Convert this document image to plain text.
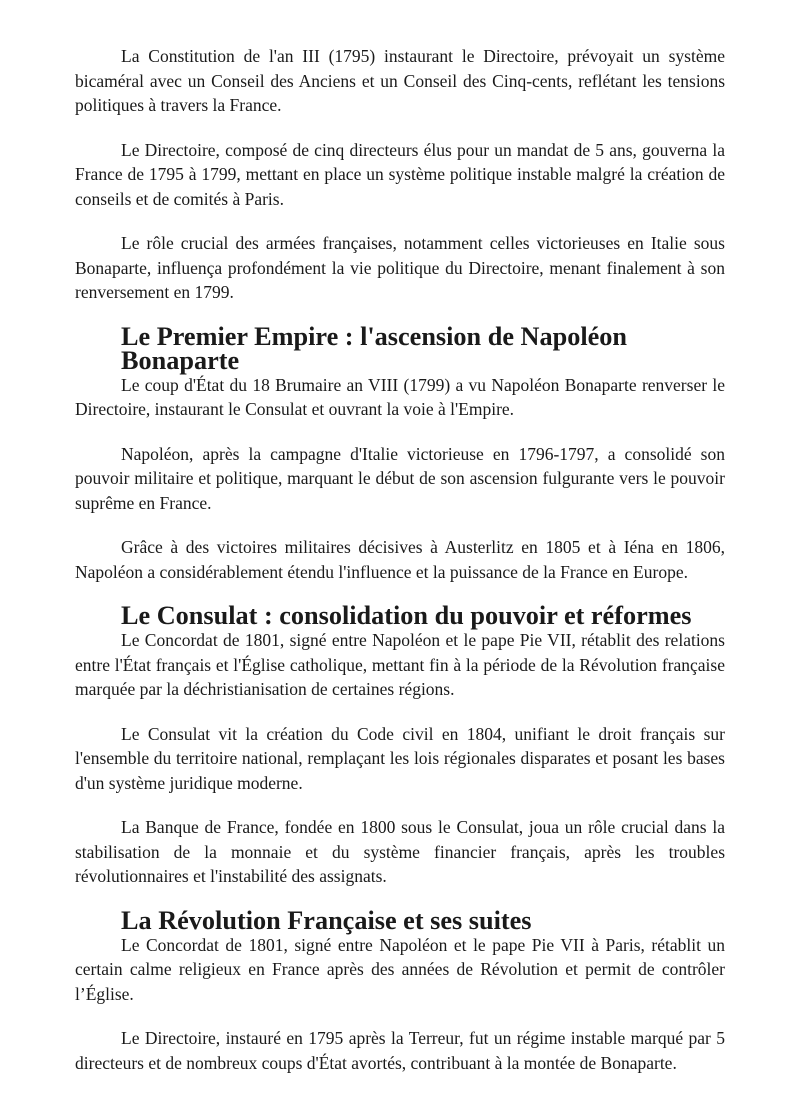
La Constitution de l'an III (1795) instaurant le Directoire, prévoyait un système bicaméral avec un Conseil des Anciens et un Conseil des Cinq-cents, reflétant les tensions politiques à travers la France.

Le Directoire, composé de cinq directeurs élus pour un mandat de 5 ans, gouverna la France de 1795 à 1799, mettant en place un système politique instable malgré la création de conseils et de comités à Paris.

Le rôle crucial des armées françaises, notamment celles victorieuses en Italie sous Bonaparte, influença profondément la vie politique du Directoire, menant finalement à son renversement en 1799.

Le Premier Empire : l'ascension de Napoléon Bonaparte

Le coup d'État du 18 Brumaire an VIII (1799) a vu Napoléon Bonaparte renverser le Directoire, instaurant le Consulat et ouvrant la voie à l'Empire.

Napoléon, après la campagne d'Italie victorieuse en 1796-1797, a consolidé son pouvoir militaire et politique, marquant le début de son ascension fulgurante vers le pouvoir suprême en France.

Grâce à des victoires militaires décisives à Austerlitz en 1805 et à Iéna en 1806, Napoléon a considérablement étendu l'influence et la puissance de la France en Europe.

Le Consulat : consolidation du pouvoir et réformes

Le Concordat de 1801, signé entre Napoléon et le pape Pie VII, rétablit des relations entre l'État français et l'Église catholique, mettant fin à la période de la Révolution française marquée par la déchristianisation de certaines régions.

Le Consulat vit la création du Code civil en 1804, unifiant le droit français sur l'ensemble du territoire national, remplaçant les lois régionales disparates et posant les bases d'un système juridique moderne.

La Banque de France, fondée en 1800 sous le Consulat, joua un rôle crucial dans la stabilisation de la monnaie et du système financier français, après les troubles révolutionnaires et l'instabilité des assignats.

La Révolution Française et ses suites

Le Concordat de 1801, signé entre Napoléon et le pape Pie VII à Paris, rétablit un certain calme religieux en France après des années de Révolution et permit de contrôler l’Église.

Le Directoire, instauré en 1795 après la Terreur, fut un régime instable marqué par 5 directeurs et de nombreux coups d'État avortés, contribuant à la montée de Bonaparte.
